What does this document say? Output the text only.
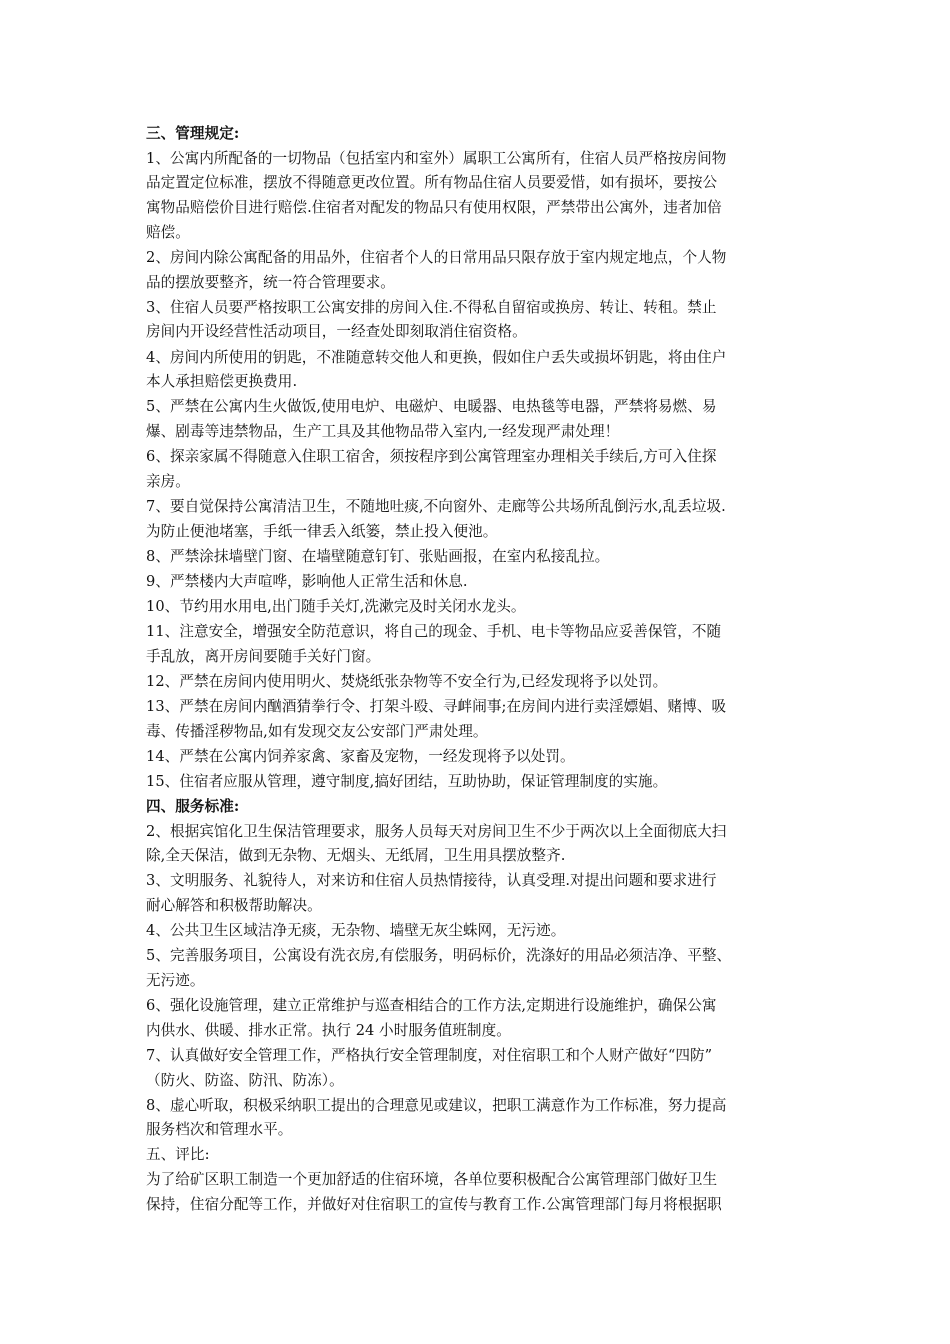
三、管理规定:
1、公寓内所配备的一切物品（包括室内和室外）属职工公寓所有，住宿人员严格按房间物
品定置定位标准，摆放不得随意更改位置。所有物品住宿人员要爱惜，如有损坏，要按公
寓物品赔偿价目进行赔偿.住宿者对配发的物品只有使用权限，严禁带出公寓外，违者加倍
赔偿。
2、房间内除公寓配备的用品外，住宿者个人的日常用品只限存放于室内规定地点，个人物
品的摆放要整齐，统一符合管理要求。
3、住宿人员要严格按职工公寓安排的房间入住.不得私自留宿或换房、转让、转租。禁止
房间内开设经营性活动项目，一经查处即刻取消住宿资格。
4、房间内所使用的钥匙，不准随意转交他人和更换，假如住户丢失或损坏钥匙，将由住户
本人承担赔偿更换费用.
5、严禁在公寓内生火做饭,使用电炉、电磁炉、电暖器、电热毯等电器，严禁将易燃、易
爆、剧毒等违禁物品，生产工具及其他物品带入室内,一经发现严肃处理！
6、探亲家属不得随意入住职工宿舍，须按程序到公寓管理室办理相关手续后,方可入住探
亲房。
7、要自觉保持公寓清洁卫生，不随地吐痰,不向窗外、走廊等公共场所乱倒污水,乱丢垃圾.
为防止便池堵塞，手纸一律丢入纸篓，禁止投入便池。
8、严禁涂抹墙壁门窗、在墙壁随意钉钉、张贴画报，在室内私接乱拉。
9、严禁楼内大声喧哗，影响他人正常生活和休息.
10、节约用水用电,出门随手关灯,洗漱完及时关闭水龙头。
11、注意安全，增强安全防范意识，将自己的现金、手机、电卡等物品应妥善保管，不随
手乱放，离开房间要随手关好门窗。
12、严禁在房间内使用明火、焚烧纸张杂物等不安全行为,已经发现将予以处罚。
13、严禁在房间内酗酒猜拳行令、打架斗殴、寻衅闹事;在房间内进行卖淫嫖娼、赌博、吸
毒、传播淫秽物品,如有发现交友公安部门严肃处理。
14、严禁在公寓内饲养家禽、家畜及宠物，一经发现将予以处罚。
15、住宿者应服从管理，遵守制度,搞好团结，互助协助，保证管理制度的实施。
四、服务标准:
2、根据宾馆化卫生保洁管理要求，服务人员每天对房间卫生不少于两次以上全面彻底大扫
除,全天保洁，做到无杂物、无烟头、无纸屑，卫生用具摆放整齐.
3、文明服务、礼貌待人，对来访和住宿人员热情接待，认真受理.对提出问题和要求进行
耐心解答和积极帮助解决。
4、公共卫生区域洁净无痰，无杂物、墙壁无灰尘蛛网，无污迹。
5、完善服务项目，公寓设有洗衣房,有偿服务，明码标价，洗涤好的用品必须洁净、平整、
无污迹。
6、强化设施管理，建立正常维护与巡查相结合的工作方法,定期进行设施维护，确保公寓
内供水、供暖、排水正常。执行 24 小时服务值班制度。
7、认真做好安全管理工作，严格执行安全管理制度，对住宿职工和个人财产做好“四防”
（防火、防盗、防汛、防冻）。
8、虚心听取，积极采纳职工提出的合理意见或建议，把职工满意作为工作标准，努力提高
服务档次和管理水平。
五、评比:
为了给矿区职工制造一个更加舒适的住宿环境，各单位要积极配合公寓管理部门做好卫生
保持，住宿分配等工作，并做好对住宿职工的宣传与教育工作.公寓管理部门每月将根据职
